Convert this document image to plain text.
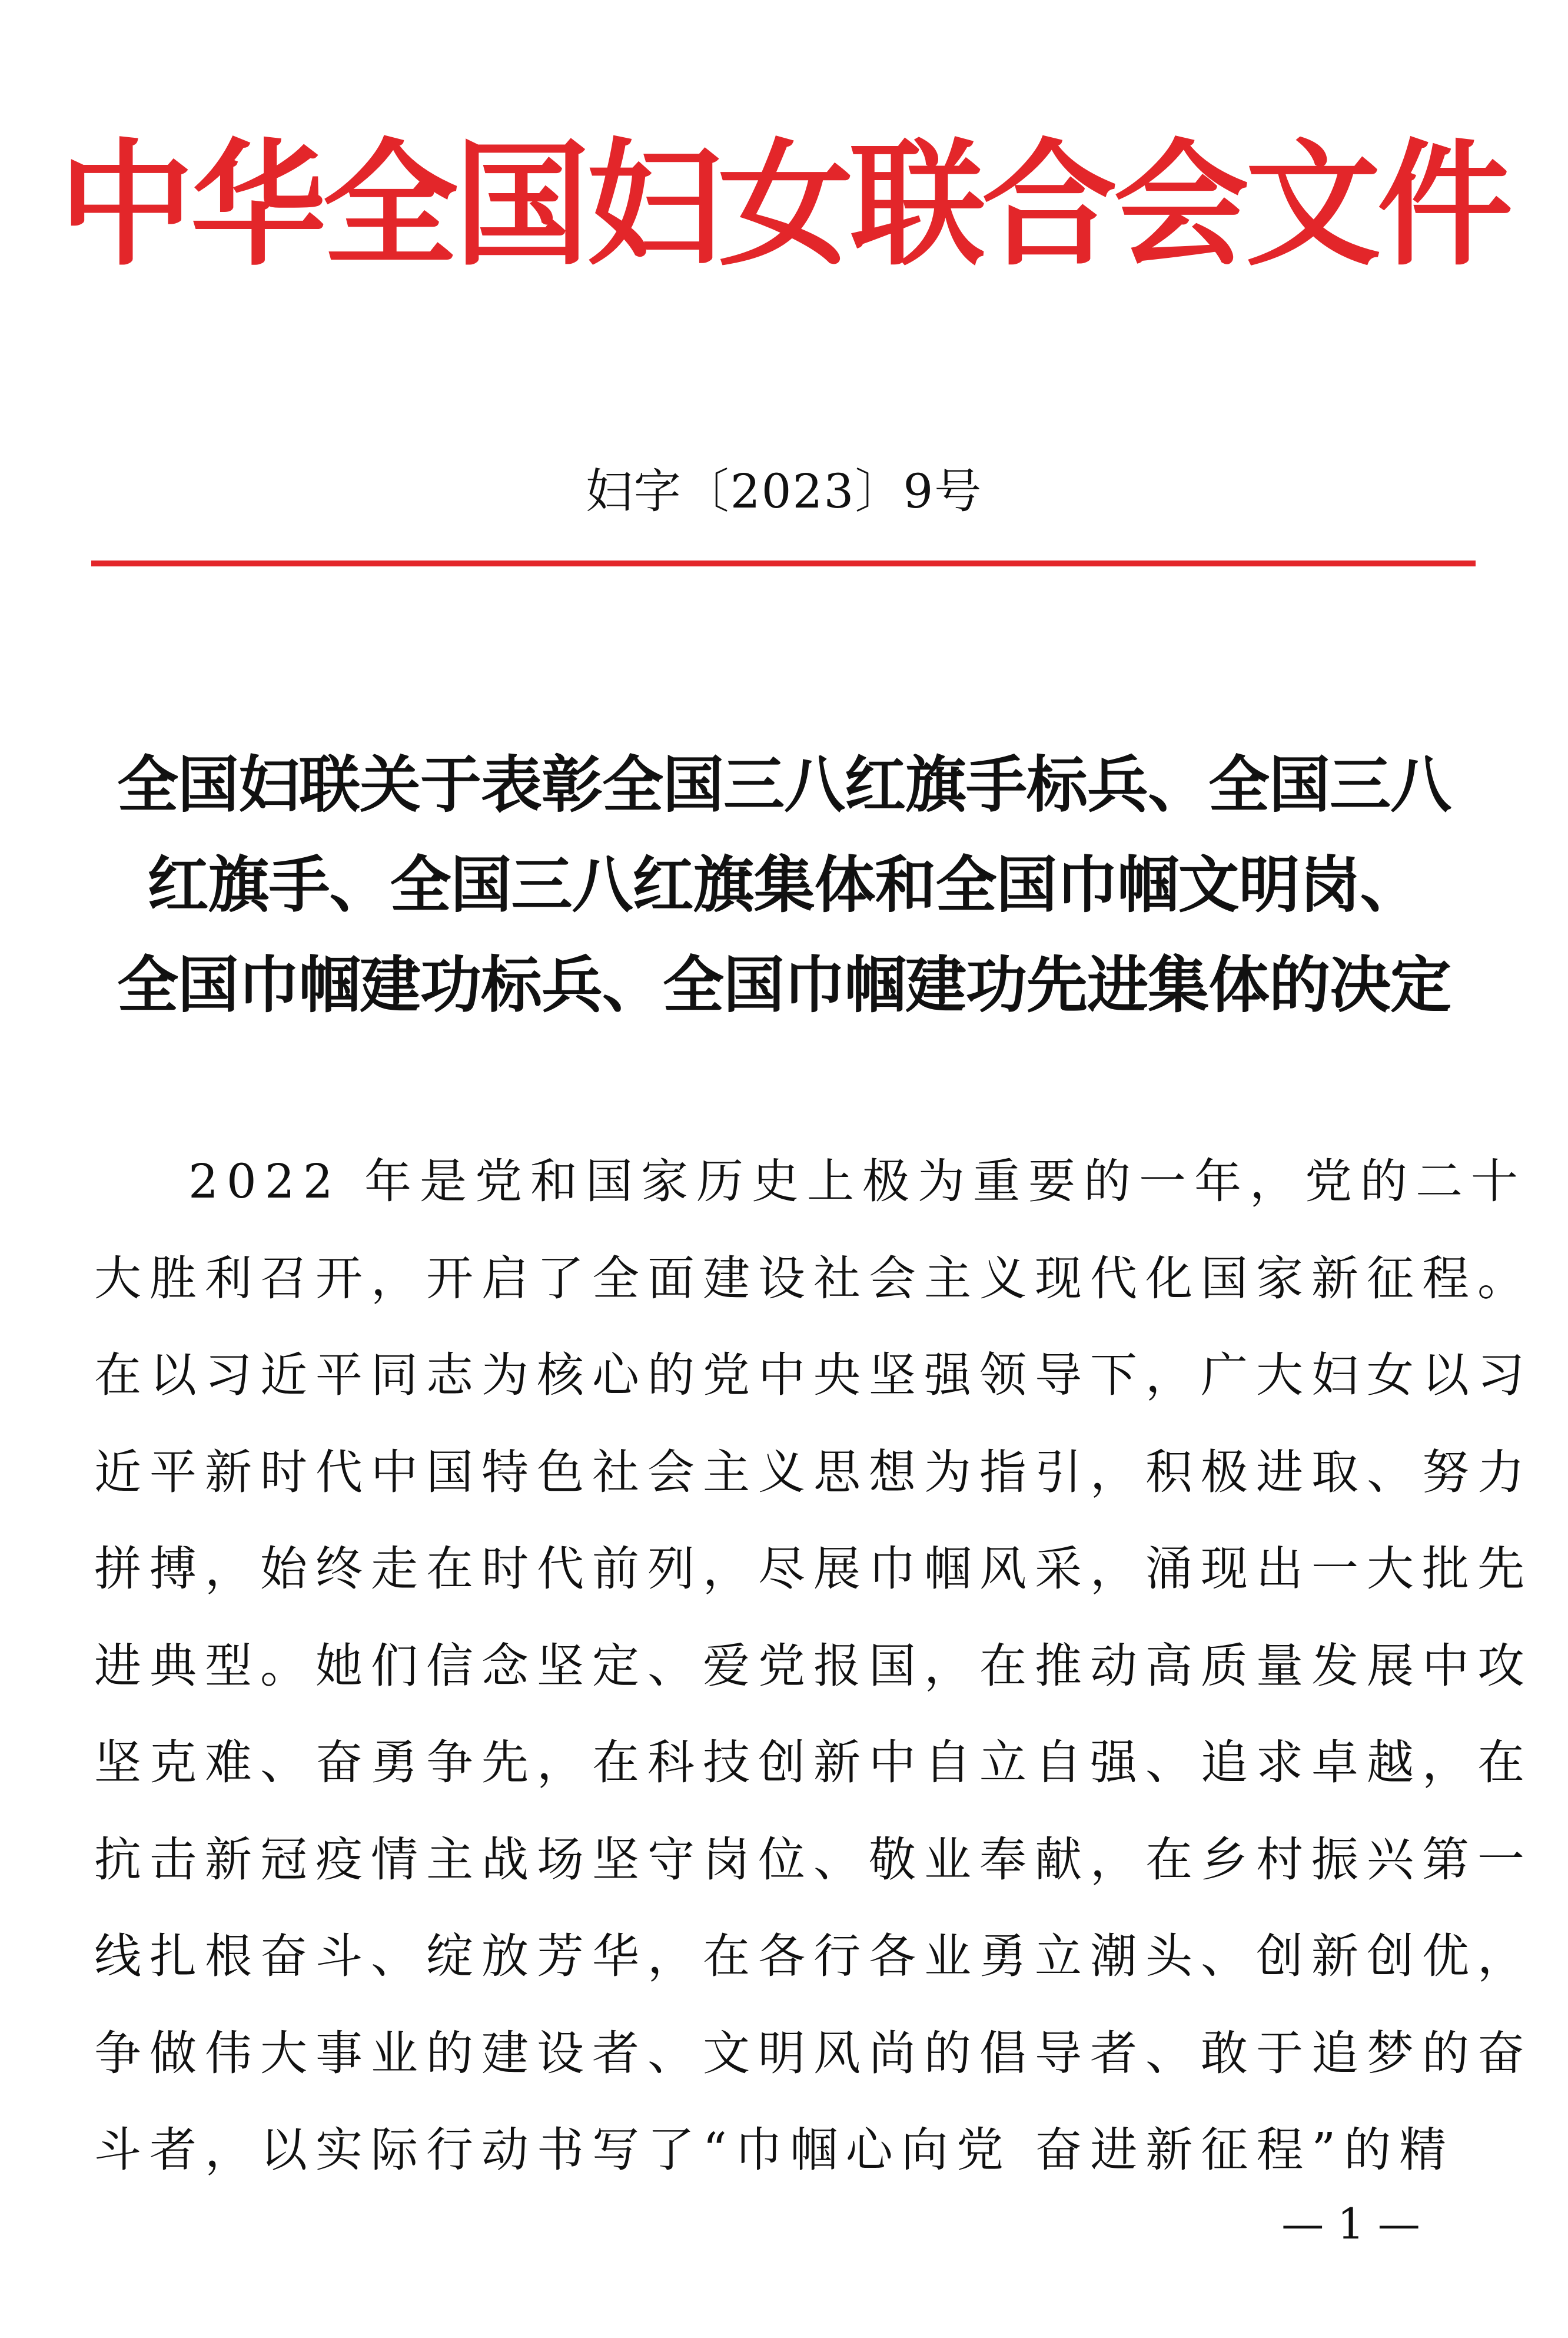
中华全国妇女联合会文件
妇字〔2023〕9号
全国妇联关于表彰全国三八红旗手标兵、全国三八
红旗手、全国三八红旗集体和全国巾帼文明岗、
全国巾帼建功标兵、全国巾帼建功先进集体的决定
2022 年是党和国家历史上极为重要的一年，党的二十
大胜利召开，开启了全面建设社会主义现代化国家新征程。
在以习近平同志为核心的党中央坚强领导下，广大妇女以习
近平新时代中国特色社会主义思想为指引，积极进取、努力
拼搏，始终走在时代前列，尽展巾帼风采，涌现出一大批先
进典型。她们信念坚定、爱党报国，在推动高质量发展中攻
坚克难、奋勇争先，在科技创新中自立自强、追求卓越，在
抗击新冠疫情主战场坚守岗位、敬业奉献，在乡村振兴第一
线扎根奋斗、绽放芳华，在各行各业勇立潮头、创新创优，
争做伟大事业的建设者、文明风尚的倡导者、敢于追梦的奋
斗者，以实际行动书写了“巾帼心向党 奋进新征程”的精
— 1 —
